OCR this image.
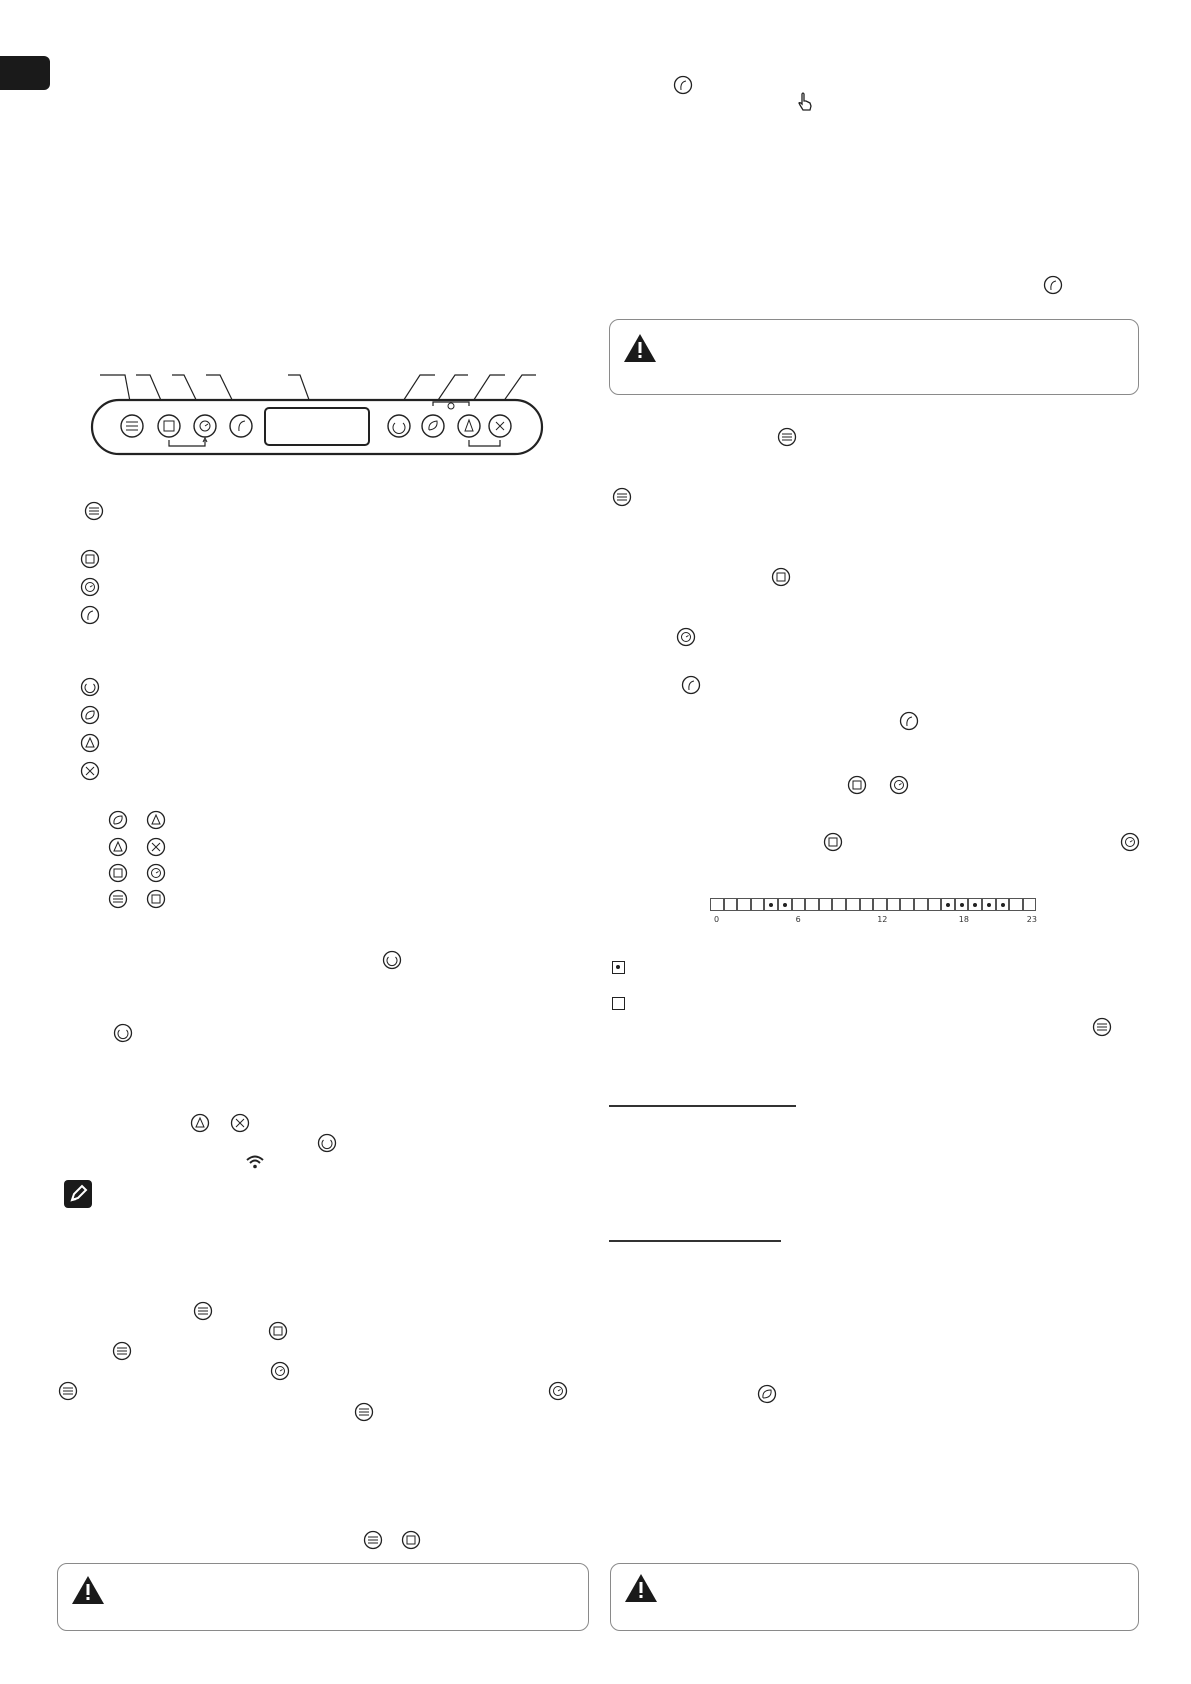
0	6	12	18	23
